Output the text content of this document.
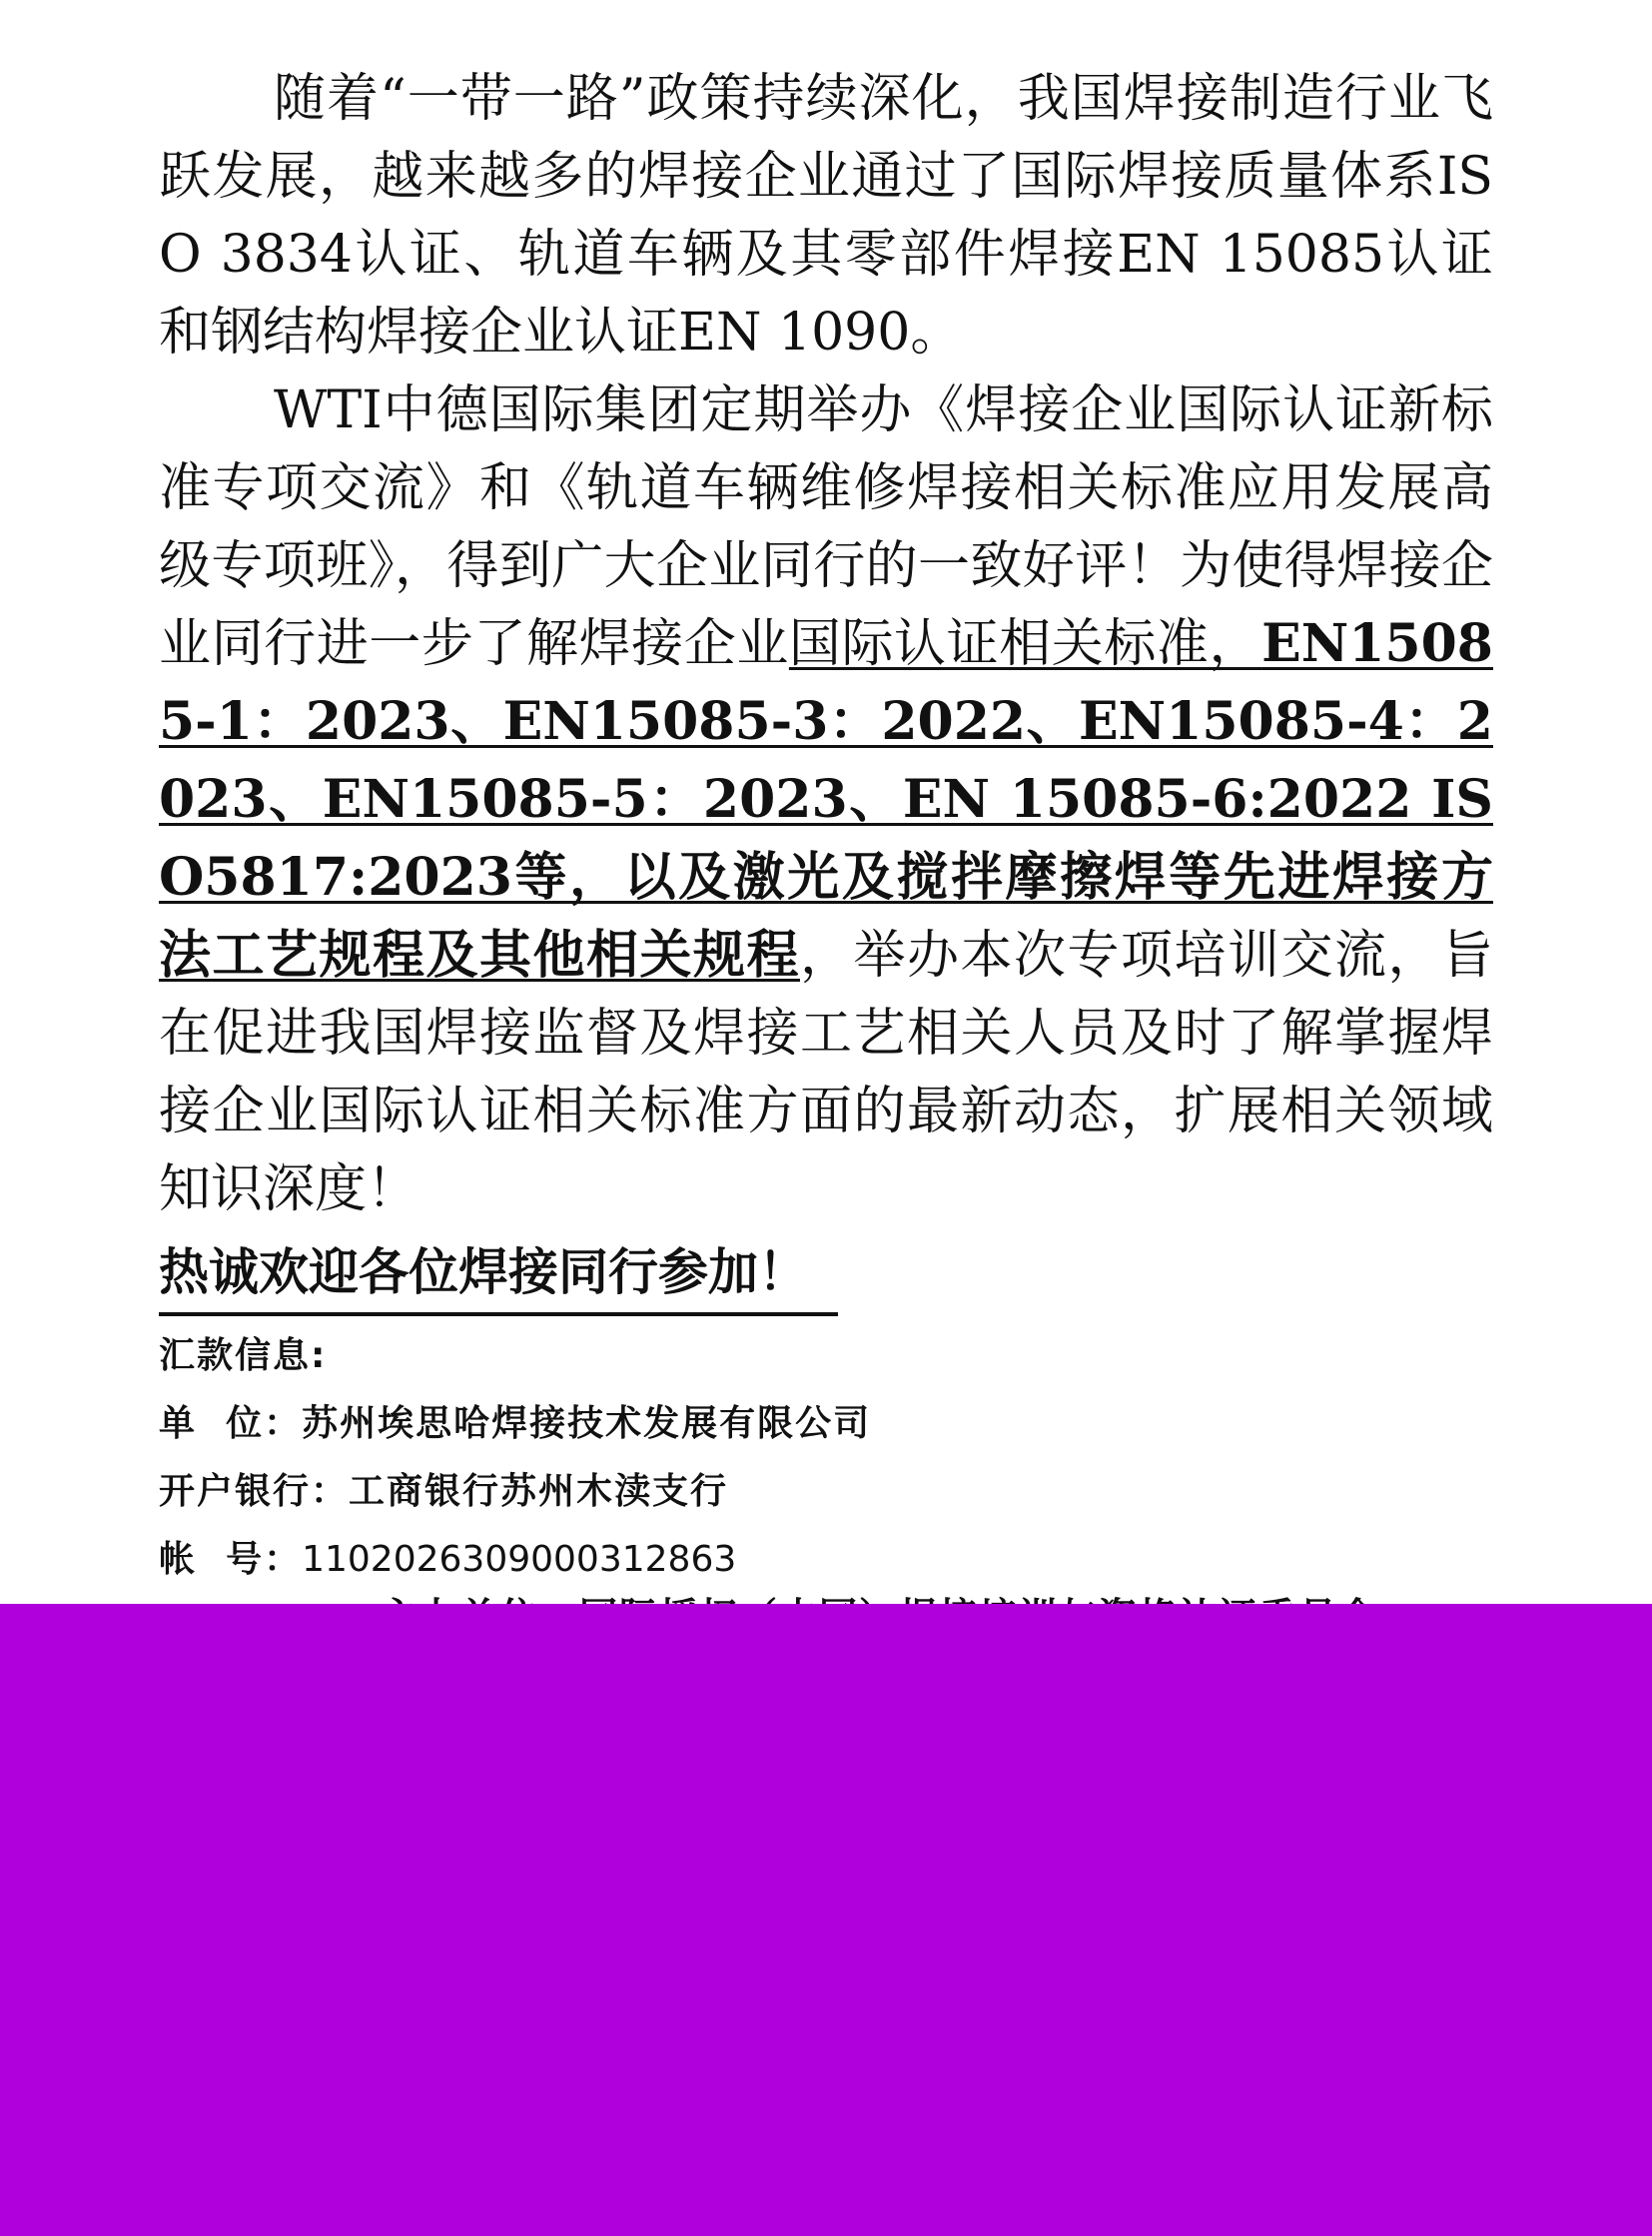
随着“一带一路”政策持续深化，我国焊接制造行业飞跃发展，越来越多的焊接企业通过了国际焊接质量体系ISO 3834认证、轨道车辆及其零部件焊接EN 15085认证和钢结构焊接企业认证EN 1090。

WTI中德国际集团定期举办《焊接企业国际认证新标准专项交流》和《轨道车辆维修焊接相关标准应用发展高级专项班》，得到广大企业同行的一致好评！为使得焊接企业同行进一步了解焊接企业国际认证相关标准，EN15085-1：2023、EN15085-3：2022、EN15085-4：2023、EN15085-5：2023、EN 15085-6:2022 ISO5817:2023等，以及激光及搅拌摩擦焊等先进焊接方法工艺规程及其他相关规程，举办本次专项培训交流，旨在促进我国焊接监督及焊接工艺相关人员及时了解掌握焊接企业国际认证相关标准方面的最新动态，扩展相关领域知识深度！

热诚欢迎各位焊接同行参加！

汇款信息:

单  位：苏州埃思哈焊接技术发展有限公司

开户银行：工商银行苏州木渎支行

帐  号：1102026309000312863
